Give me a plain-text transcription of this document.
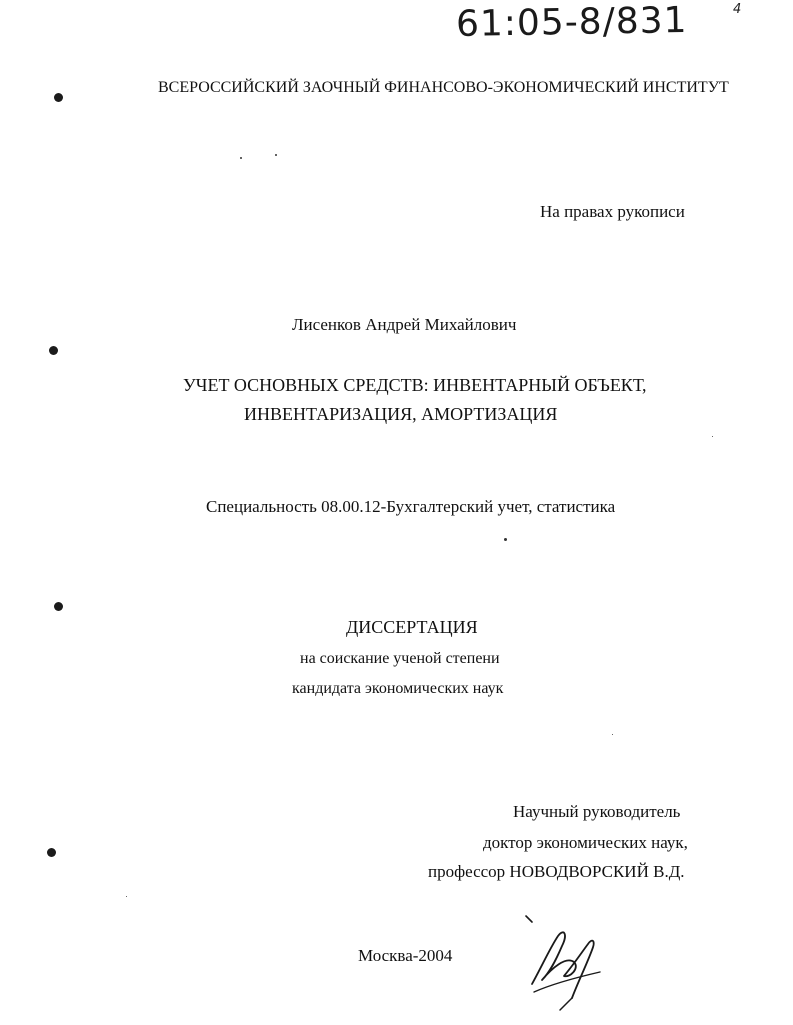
61:05-8/831	4
ВСЕРОССИЙСКИЙ ЗАОЧНЫЙ ФИНАНСОВО-ЭКОНОМИЧЕСКИЙ ИНСТИТУТ
На правах рукописи
Лисенков Андрей Михайлович
УЧЕТ ОСНОВНЫХ СРЕДСТВ: ИНВЕНТАРНЫЙ ОБЪЕКТ,
ИНВЕНТАРИЗАЦИЯ, АМОРТИЗАЦИЯ
Специальность 08.00.12-Бухгалтерский учет, статистика
ДИССЕРТАЦИЯ
на соискание ученой степени
кандидата экономических наук
Научный руководитель
доктор экономических наук,
профессор НОВОДВОРСКИЙ В.Д.
Москва-2004
